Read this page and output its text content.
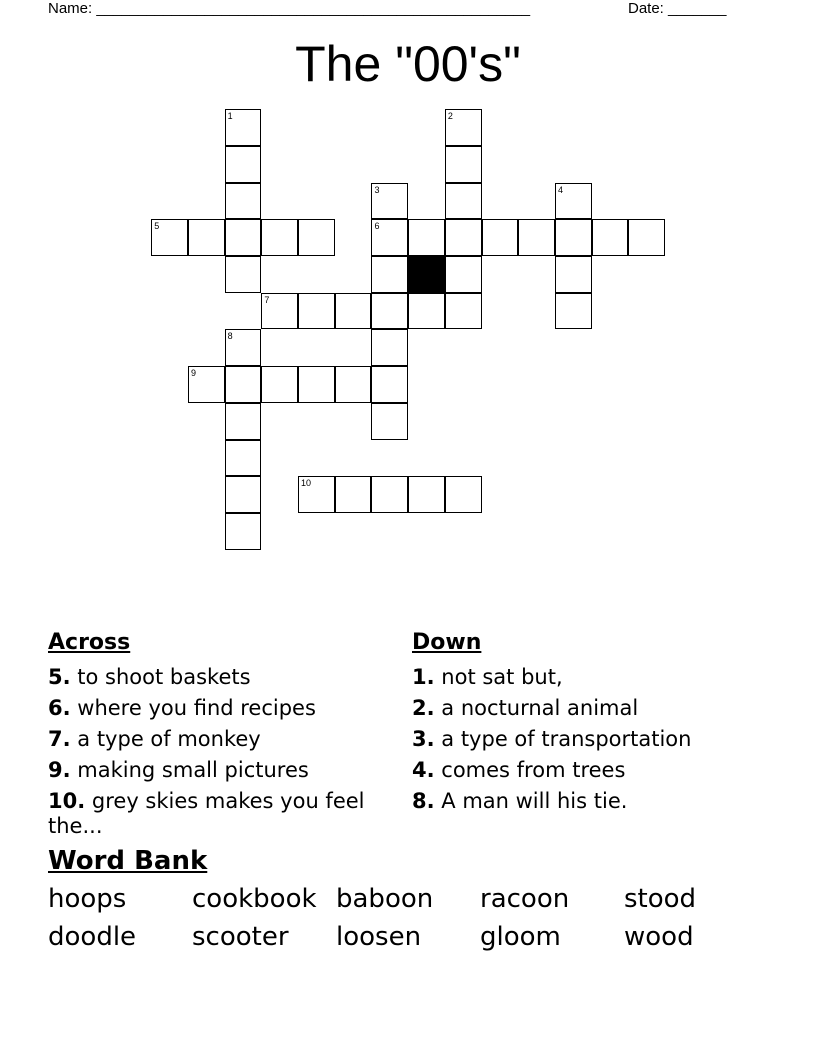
Name: ____________________________________________________	Date: _______
The "00's"
1	2
3	4
5	6
7
8
9
10
Across	Down
5. to shoot baskets
6. where you find recipes
7. a type of monkey
9. making small pictures
10. grey skies makes you feel the...
1. not sat but,
2. a nocturnal animal
3. a type of transportation
4. comes from trees
8. A man will his tie.
Word Bank
hoops	cookbook baboon racoon stood
doodle scooter loosen gloom wood
